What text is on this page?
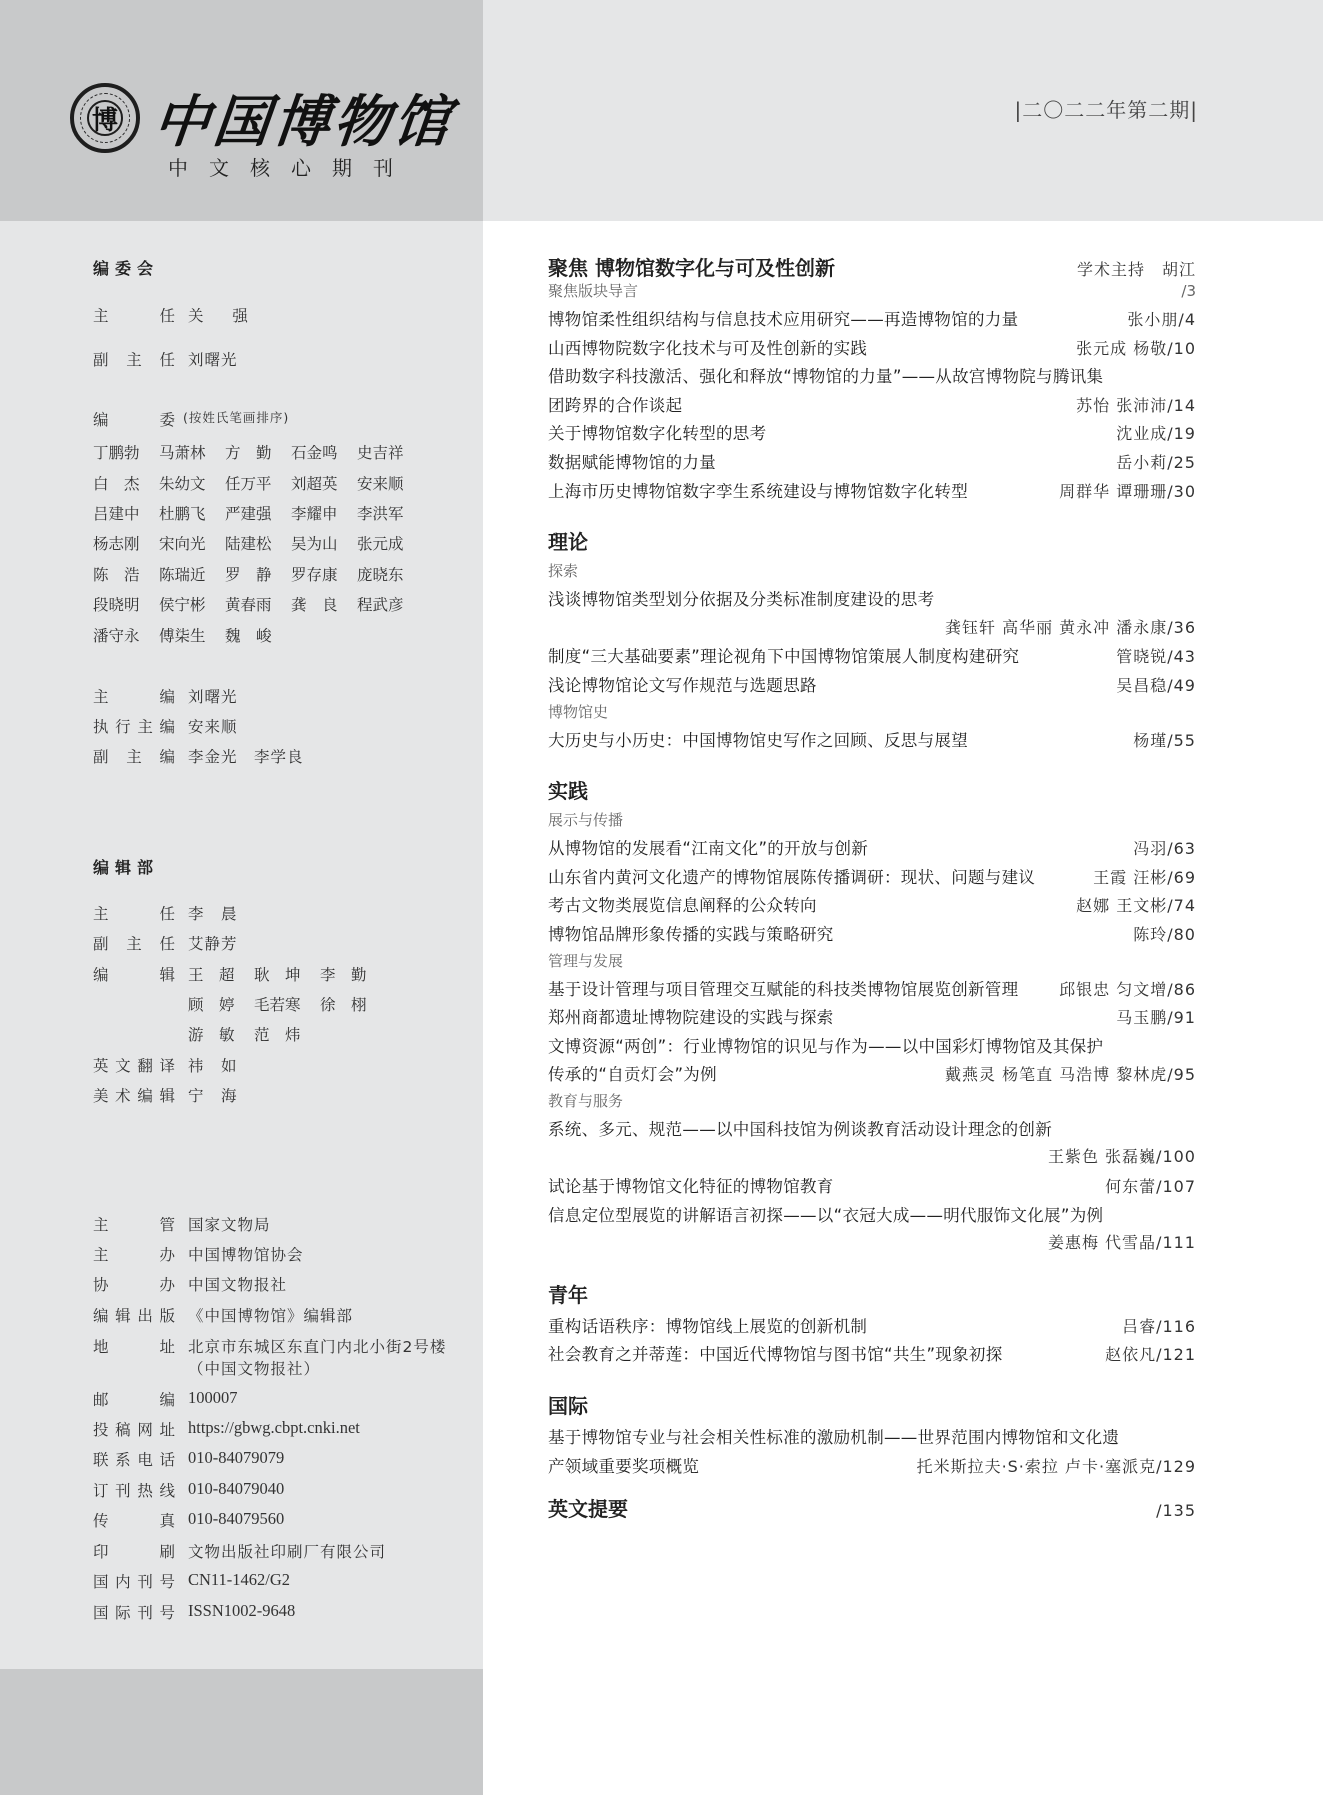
博 中国博物馆
中文核心期刊
|二〇二二年第二期|
编委会
主	任 关 强
副 主 任 刘曙光
编	委 (按姓氏笔画排序)
丁鹏勃	马萧林	方　勤	石金鸣	史吉祥
白　杰	朱幼文	任万平	刘超英	安来顺
吕建中	杜鹏飞	严建强	李耀申	李洪军
杨志刚	宋向光	陆建松	吴为山	张元成
陈　浩	陈瑞近	罗　静	罗存康	庞晓东
段晓明	侯宁彬	黄春雨	龚　良	程武彦
潘守永	傅柒生	魏　峻
主	编 刘曙光
执 行 主 编 安来顺
副 主 编 李金光　李学良
编辑部
主	任 李　晨
副 主 任 艾静芳
编	辑 王　超	耿　坤	李　勤
顾　婷	毛若寒	徐　栩
游　敏	范　炜
英 文 翻 译 祎　如
美 术 编 辑 宁　海
主	管 国家文物局
主	办 中国博物馆协会
协	办 中国文物报社
编 辑 出 版 《中国博物馆》编辑部
地	址 北京市东城区东直门内北小街2号楼
（中国文物报社）
邮	编 100007
投 稿 网 址 https://gbwg.cbpt.cnki.net
联 系 电 话 010-84079079
订 刊 热 线 010-84079040
传	真 010-84079560
印	刷 文物出版社印刷厂有限公司
国 内 刊 号 CN11-1462/G2
国 际 刊 号 ISSN1002-9648
聚焦 博物馆数字化与可及性创新	学术主持　胡江
聚焦版块导言	/3
博物馆柔性组织结构与信息技术应用研究——再造博物馆的力量	张小朋/4
山西博物院数字化技术与可及性创新的实践	张元成 杨敬/10
借助数字科技激活、强化和释放“博物馆的力量”——从故宫博物院与腾讯集
团跨界的合作谈起	苏怡 张沛沛/14
关于博物馆数字化转型的思考	沈业成/19
数据赋能博物馆的力量	岳小莉/25
上海市历史博物馆数字孪生系统建设与博物馆数字化转型	周群华 谭珊珊/30
理论
探索
浅谈博物馆类型划分依据及分类标准制度建设的思考
龚钰轩 高华丽 黄永冲 潘永康/36
制度“三大基础要素”理论视角下中国博物馆策展人制度构建研究	管晓锐/43
浅论博物馆论文写作规范与选题思路	吴昌稳/49
博物馆史
大历史与小历史：中国博物馆史写作之回顾、反思与展望	杨瑾/55
实践
展示与传播
从博物馆的发展看“江南文化”的开放与创新	冯羽/63
山东省内黄河文化遗产的博物馆展陈传播调研：现状、问题与建议	王霞 汪彬/69
考古文物类展览信息阐释的公众转向	赵娜 王文彬/74
博物馆品牌形象传播的实践与策略研究	陈玲/80
管理与发展
基于设计管理与项目管理交互赋能的科技类博物馆展览创新管理	邱银忠 匀文增/86
郑州商都遗址博物院建设的实践与探索	马玉鹏/91
文博资源“两创”：行业博物馆的识见与作为——以中国彩灯博物馆及其保护
传承的“自贡灯会”为例	戴燕灵 杨笔直 马浩博 黎林虎/95
教育与服务
系统、多元、规范——以中国科技馆为例谈教育活动设计理念的创新
王紫色 张磊巍/100
试论基于博物馆文化特征的博物馆教育	何东蕾/107
信息定位型展览的讲解语言初探——以“衣冠大成——明代服饰文化展”为例
姜惠梅 代雪晶/111
青年
重构话语秩序：博物馆线上展览的创新机制	吕睿/116
社会教育之并蒂莲：中国近代博物馆与图书馆“共生”现象初探	赵依凡/121
国际
基于博物馆专业与社会相关性标准的激励机制——世界范围内博物馆和文化遗
产领域重要奖项概览	托米斯拉夫·S·索拉 卢卡·塞派克/129
英文提要	/135
